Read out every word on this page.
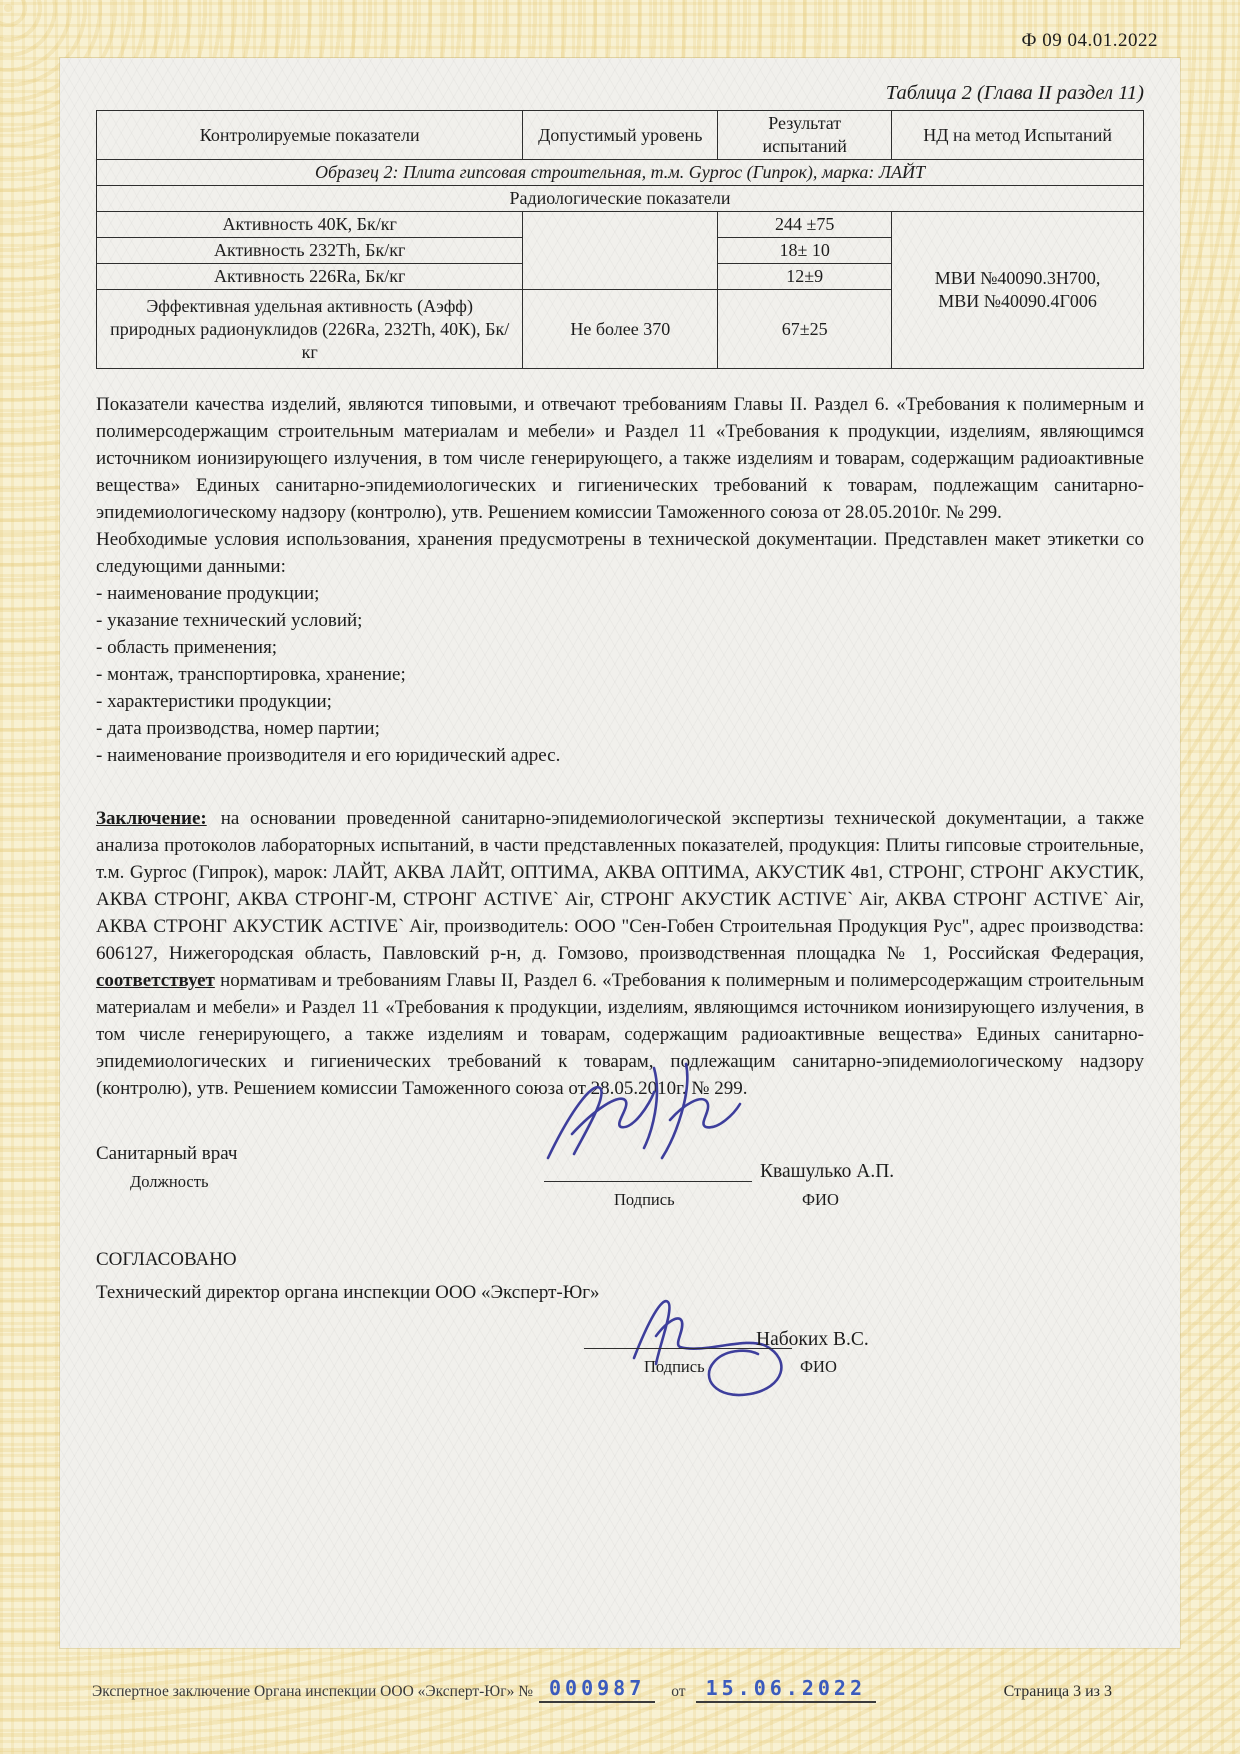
Ф 09 04.01.2022
Таблица 2 (Глава II раздел 11)
Контролируемые показатели	Допустимый уровень	Результат испытаний	НД на метод Испытаний
Образец 2: Плита гипсовая строительная, т.м. Gyproc (Гипрок), марка: ЛАЙТ			
Радиологические показатели			
Активность 40К, Бк/кг		244 ±75	МВИ №40090.3Н700,
МВИ №40090.4Г006

Активность 232Th, Бк/кг		18± 10	
Активность 226Ra, Бк/кг		12±9	
Эффективная удельная активность (Аэфф) природных радионуклидов (226Ra, 232Th, 40К), Бк/кг	Не более 370	67±25	

Показатели качества изделий, являются типовыми, и отвечают требованиям Главы II. Раздел 6. «Требования к полимерным и полимерсодержащим строительным материалам и мебели» и Раздел 11 «Требования к продукции, изделиям, являющимся источником ионизирующего излучения, в том числе генерирующего, а также изделиям и товарам, содержащим радиоактивные вещества» Единых санитарно-эпидемиологических и гигиенических требований к товарам, подлежащим санитарно-эпидемиологическому надзору (контролю), утв. Решением комиссии Таможенного союза от 28.05.2010г. № 299.

Необходимые условия использования, хранения предусмотрены в технической документации. Представлен макет этикетки со следующими данными:

- наименование продукции;

- указание технический условий;

- область применения;

- монтаж, транспортировка, хранение;

- характеристики продукции;

- дата производства, номер партии;

- наименование производителя и его юридический адрес.

Заключение: на основании проведенной санитарно-эпидемиологической экспертизы технической документации, а также анализа протоколов лабораторных испытаний, в части представленных показателей, продукция: Плиты гипсовые строительные, т.м. Gyproc (Гипрок), марок: ЛАЙТ, АКВА ЛАЙТ, ОПТИМА, АКВА ОПТИМА, АКУСТИК 4в1, СТРОНГ, СТРОНГ АКУСТИК, АКВА СТРОНГ, АКВА СТРОНГ-М, СТРОНГ ACTIVE` Air, СТРОНГ АКУСТИК ACTIVE` Air, АКВА СТРОНГ ACTIVE` Air, АКВА СТРОНГ АКУСТИК ACTIVE` Air, производитель: ООО "Сен-Гобен Строительная Продукция Рус", адрес производства: 606127, Нижегородская область, Павловский р-н, д. Гомзово, производственная площадка № 1, Российская Федерация, соответствует нормативам и требованиям Главы II, Раздел 6. «Требования к полимерным и полимерсодержащим строительным материалам и мебели» и Раздел 11 «Требования к продукции, изделиям, являющимся источником ионизирующего излучения, в том числе генерирующего, а также изделиям и товарам, содержащим радиоактивные вещества» Единых санитарно-эпидемиологических и гигиенических требований к товарам, подлежащим санитарно-эпидемиологическому надзору (контролю), утв. Решением комиссии Таможенного союза от 28.05.2010г. № 299.

Санитарный врач
Должность
Подпись
Квашулько А.П.
ФИО

СОГЛАСОВАНО

Технический директор органа инспекции ООО «Эксперт-Юг»

Подпись
Набоких В.С.
ФИО
Экспертное заключение Органа инспекции ООО «Эксперт-Юг» № 000987	от	15.06.2022	Страница 3 из 3
